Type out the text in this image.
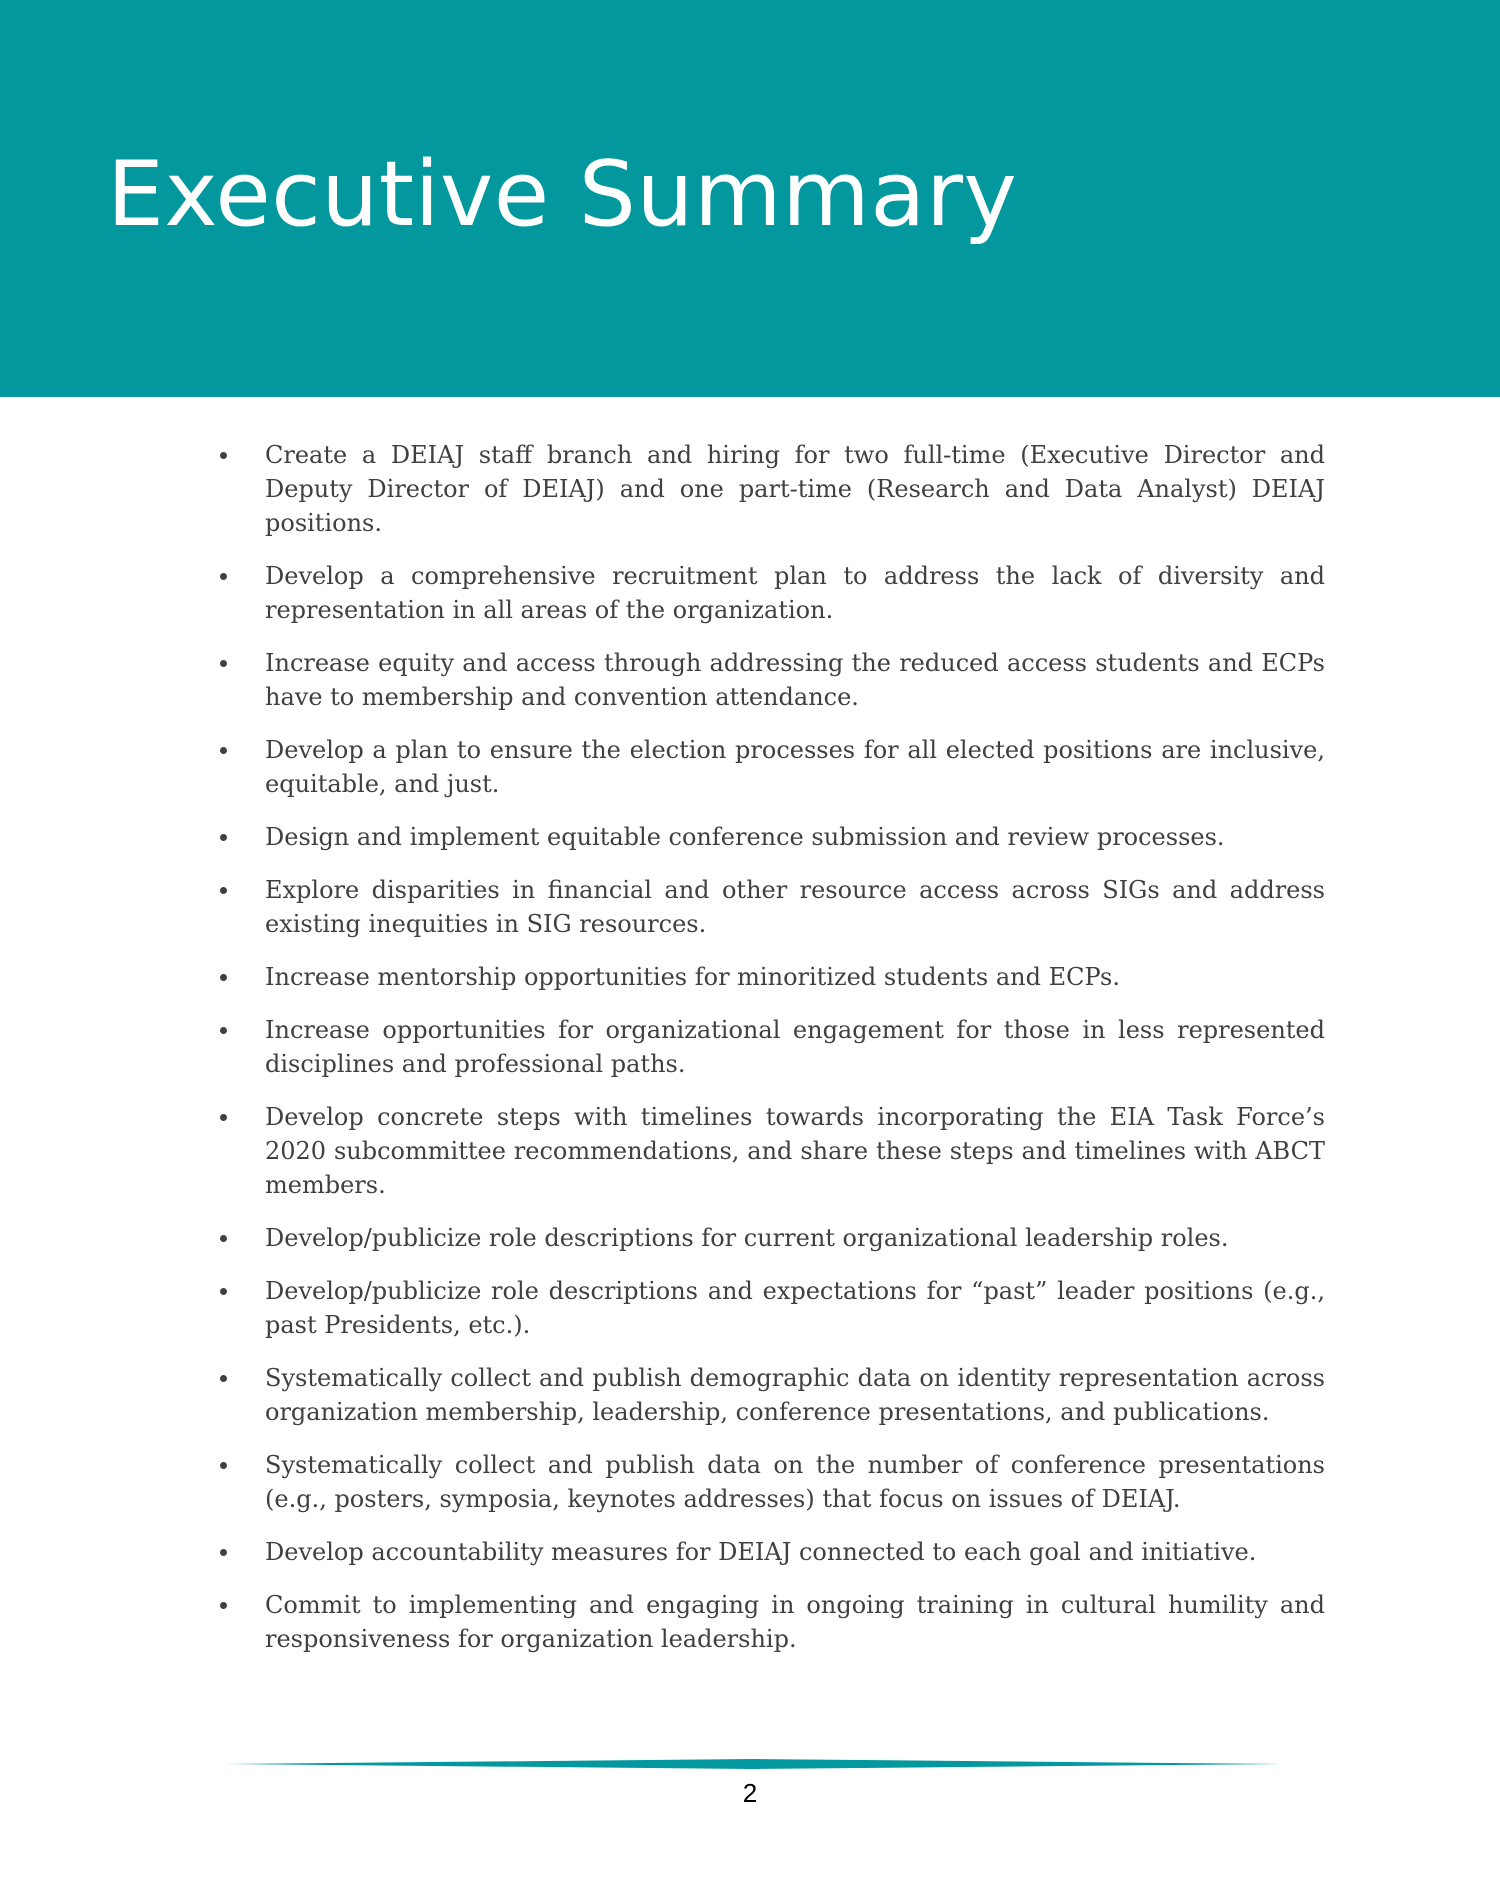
Executive Summary
Create a DEIAJ staff branch and hiring for two full-time (Executive Director and Deputy Director of DEIAJ) and one part-time (Research and Data Analyst) DEIAJ positions.
Develop a comprehensive recruitment plan to address the lack of diversity and representation in all areas of the organization.
Increase equity and access through addressing the reduced access students and ECPs have to membership and convention attendance.
Develop a plan to ensure the election processes for all elected positions are inclusive, equitable, and just.
Design and implement equitable conference submission and review processes.
Explore disparities in financial and other resource access across SIGs and address existing inequities in SIG resources.
Increase mentorship opportunities for minoritized students and ECPs.
Increase opportunities for organizational engagement for those in less represented disciplines and professional paths.
Develop concrete steps with timelines towards incorporating the EIA Task Force’s 2020 subcommittee recommendations, and share these steps and timelines with ABCT members.
Develop/publicize role descriptions for current organizational leadership roles.
Develop/publicize role descriptions and expectations for “past” leader positions (e.g., past Presidents, etc.).
Systematically collect and publish demographic data on identity representation across organization membership, leadership, conference presentations, and publications.
Systematically collect and publish data on the number of conference presentations (e.g., posters, symposia, keynotes addresses) that focus on issues of DEIAJ.
Develop accountability measures for DEIAJ connected to each goal and initiative.
Commit to implementing and engaging in ongoing training in cultural humility and responsiveness for organization leadership.
2
